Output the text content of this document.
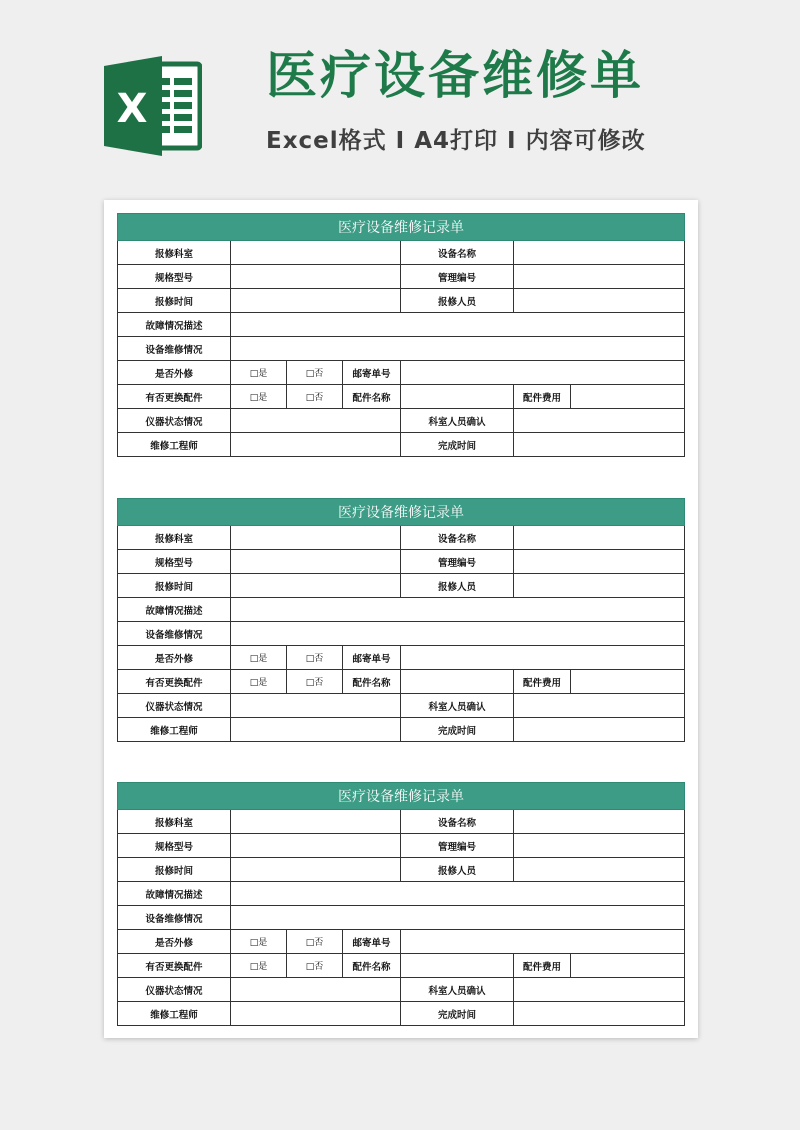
X
医疗设备维修单
Excel格式 I A4打印 I 内容可修改
医疗设备维修记录单						
报修科室				设备名称		
规格型号				管理编号		
报修时间				报修人员		
故障情况描述						
设备维修情况						
是否外修	□是	□否	邮寄单号			
有否更换配件	□是	□否	配件名称		配件费用	
仪器状态情况				科室人员确认		
维修工程师				完成时间		
医疗设备维修记录单						
报修科室				设备名称		
规格型号				管理编号		
报修时间				报修人员		
故障情况描述						
设备维修情况						
是否外修	□是	□否	邮寄单号			
有否更换配件	□是	□否	配件名称		配件费用	
仪器状态情况				科室人员确认		
维修工程师				完成时间		
医疗设备维修记录单						
报修科室				设备名称		
规格型号				管理编号		
报修时间				报修人员		
故障情况描述						
设备维修情况						
是否外修	□是	□否	邮寄单号			
有否更换配件	□是	□否	配件名称		配件费用	
仪器状态情况				科室人员确认		
维修工程师				完成时间		
